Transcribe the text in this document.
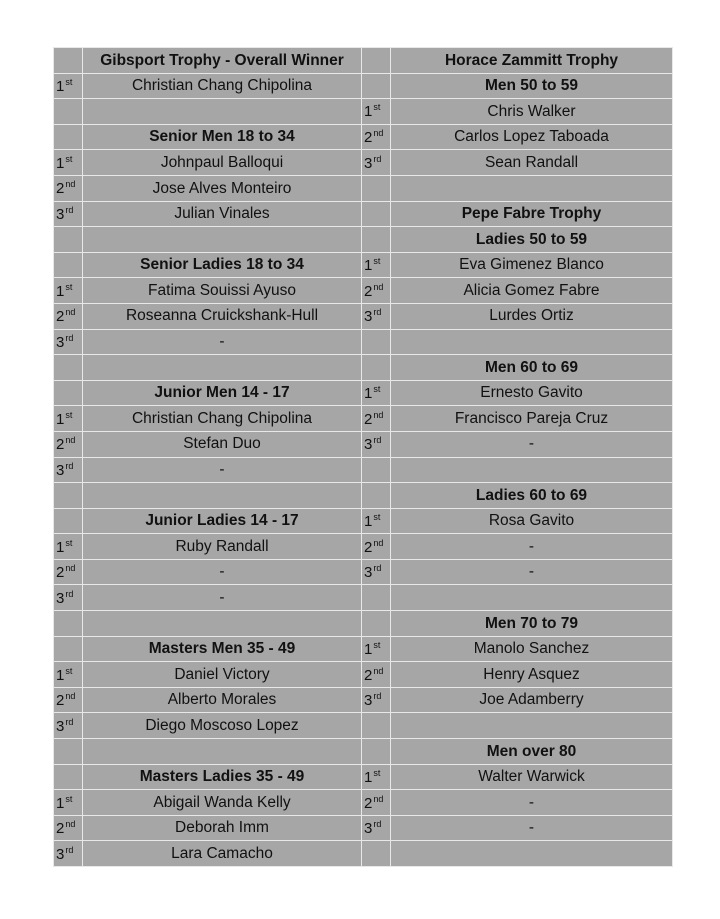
	Gibsport Trophy - Overall Winner		Horace Zammitt Trophy
1st	Christian Chang Chipolina		Men 50 to 59
		1st	Chris Walker
	Senior Men 18 to 34	2nd	Carlos Lopez Taboada
1st	Johnpaul Balloqui	3rd	Sean Randall
2nd	Jose Alves Monteiro		
3rd	Julian Vinales		Pepe Fabre Trophy
			Ladies 50 to 59
	Senior Ladies 18 to 34	1st	Eva Gimenez Blanco
1st	Fatima Souissi Ayuso	2nd	Alicia Gomez Fabre
2nd	Roseanna Cruickshank-Hull	3rd	Lurdes Ortiz
3rd	-		
			Men 60 to 69
	Junior Men 14 - 17	1st	Ernesto Gavito
1st	Christian Chang Chipolina	2nd	Francisco Pareja Cruz
2nd	Stefan Duo	3rd	-
3rd	-		
			Ladies 60 to 69
	Junior Ladies 14 - 17	1st	Rosa Gavito
1st	Ruby Randall	2nd	-
2nd	-	3rd	-
3rd	-		
			Men 70 to 79
	Masters Men 35 - 49	1st	Manolo Sanchez
1st	Daniel Victory	2nd	Henry Asquez
2nd	Alberto Morales	3rd	Joe Adamberry
3rd	Diego Moscoso Lopez		
			Men over 80
	Masters Ladies 35 - 49	1st	Walter Warwick
1st	Abigail Wanda Kelly	2nd	-
2nd	Deborah Imm	3rd	-
3rd	Lara Camacho		
